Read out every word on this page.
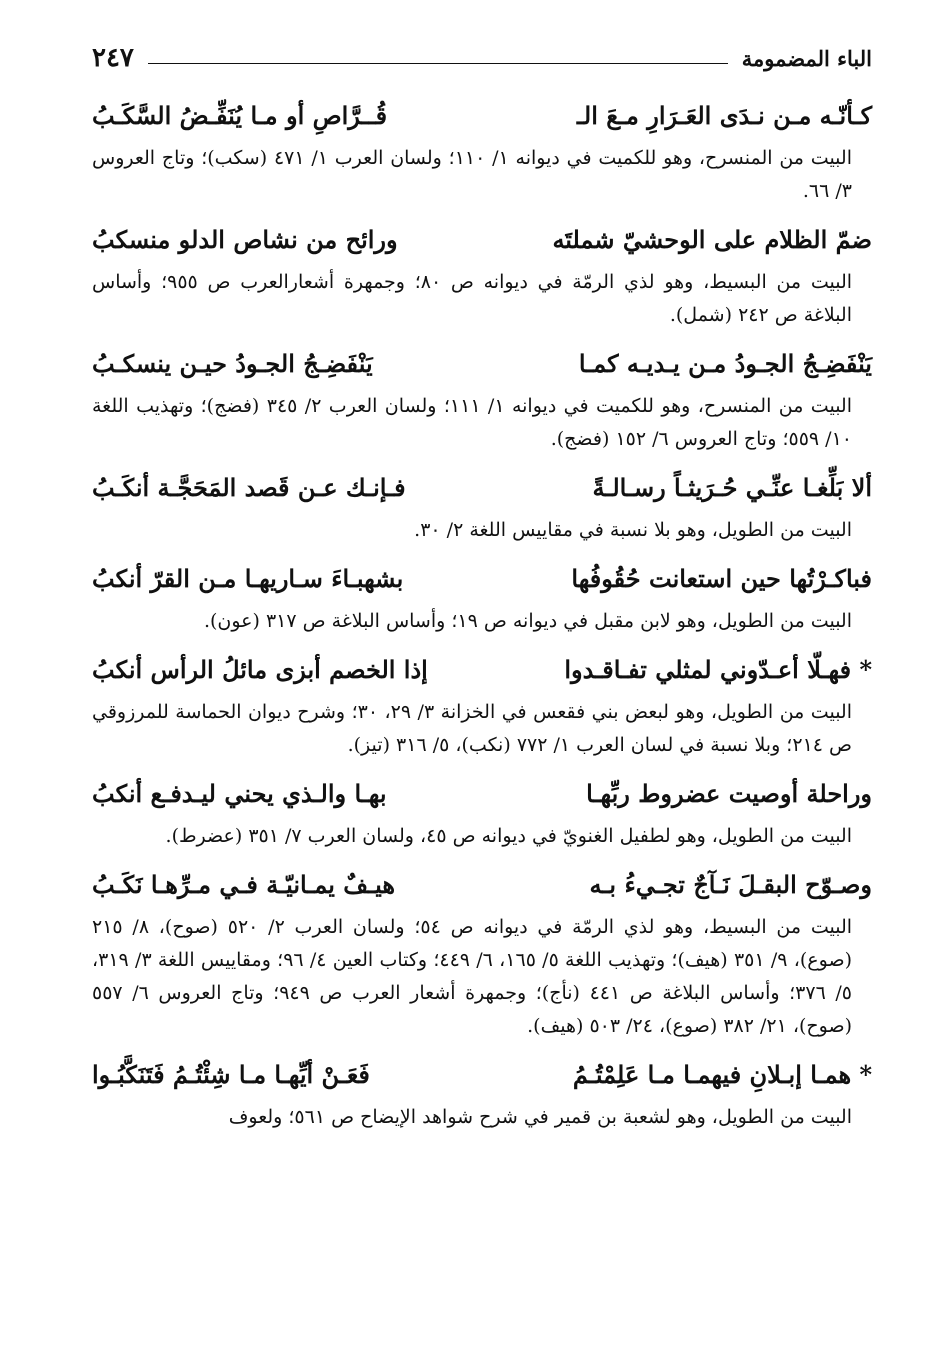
الباء المضمومة
٢٤٧
كـأنّـه مـن نـدَى العَـرَارِ مـعَ الـ
قُــرَّاصِ أو مـا يُنَفِّـضُ السَّكَـبُ
البيت من المنسرح، وهو للكميت في ديوانه ١/ ١١٠؛ ولسان العرب ١/ ٤٧١ (سكب)؛ وتاج العروس ٣/ ٦٦.
ضمّ الظلام على الوحشيّ شملتَه
ورائح من نشاص الدلو منسكبُ
البيت من البسيط، وهو لذي الرمّة في ديوانه ص ٨٠؛ وجمهرة أشعارالعرب ص ٩٥٥؛ وأساس البلاغة ص ٢٤٢ (شمل).
يَنْفَضِـجُ الجـودُ مـن يـديـه كمـا
يَنْفَضِـجُ الجـودُ حيـن ينسكـبُ
البيت من المنسرح، وهو للكميت في ديوانه ١/ ١١١؛ ولسان العرب ٢/ ٣٤٥ (فضج)؛ وتهذيب اللغة ١٠/ ٥٥٩؛ وتاج العروس ٦/ ١٥٢ (فضج).
ألا بَلِّغـا عنِّـي حُـرَيثـاً رسـالـةً
فـإنـك عـن قَصد المَحَجَّـة أنكَـبُ
البيت من الطويل، وهو بلا نسبة في مقاييس اللغة ٢/ ٣٠.
فباكـرْتُها حين استعانت حُقُوفُها
بشهبـاءَ سـاريهـا مـن القرّ أنكبُ
البيت من الطويل، وهو لابن مقبل في ديوانه ص ١٩؛ وأساس البلاغة ص ٣١٧ (عون).
* فهـلّا أعـدّوني لمثلي تفـاقـدوا
إذا الخصم أبزى مائلُ الرأس أنكبُ
البيت من الطويل، وهو لبعض بني فقعس في الخزانة ٣/ ٢٩، ٣٠؛ وشرح ديوان الحماسة للمرزوقي ص ٢١٤؛ وبلا نسبة في لسان العرب ١/ ٧٧٢ (نكب)، ٥/ ٣١٦ (تيز).
وراحلة أوصيت عضروط ربِّهـا
بهـا والـذي يحني ليـدفـع أنكبُ
البيت من الطويل، وهو لطفيل الغنويّ في ديوانه ص ٤٥، ولسان العرب ٧/ ٣٥١ (عضرط).
وصـوّح البقـلَ نَـآجٌ تجـيءُ بـه
هيـفٌ يمـانيّـة فـي مـرِّهـا نَكَـبُ
البيت من البسيط، وهو لذي الرمّة في ديوانه ص ٥٤؛ ولسان العرب ٢/ ٥٢٠ (صوح)، ٨/ ٢١٥ (صوع)، ٩/ ٣٥١ (هيف)؛ وتهذيب اللغة ٥/ ١٦٥، ٦/ ٤٤٩؛ وكتاب العين ٤/ ٩٦؛ ومقاييس اللغة ٣/ ٣١٩، ٥/ ٣٧٦؛ وأساس البلاغة ص ٤٤١ (نأج)؛ وجمهرة أشعار العرب ص ٩٤٩؛ وتاج العروس ٦/ ٥٥٧ (صوح)، ٢١/ ٣٨٢ (صوع)، ٢٤/ ٥٠٣ (هيف).
* همـا إبـلانِ فيهمـا مـا عَلِمْتُـمُ
فَعَـنْ أيِّهـا مـا شِئْتُـمُ فَتَنَكَّبُـوا
البيت من الطويل، وهو لشعبة بن قمير في شرح شواهد الإيضاح ص ٥٦١؛ ولعوف
